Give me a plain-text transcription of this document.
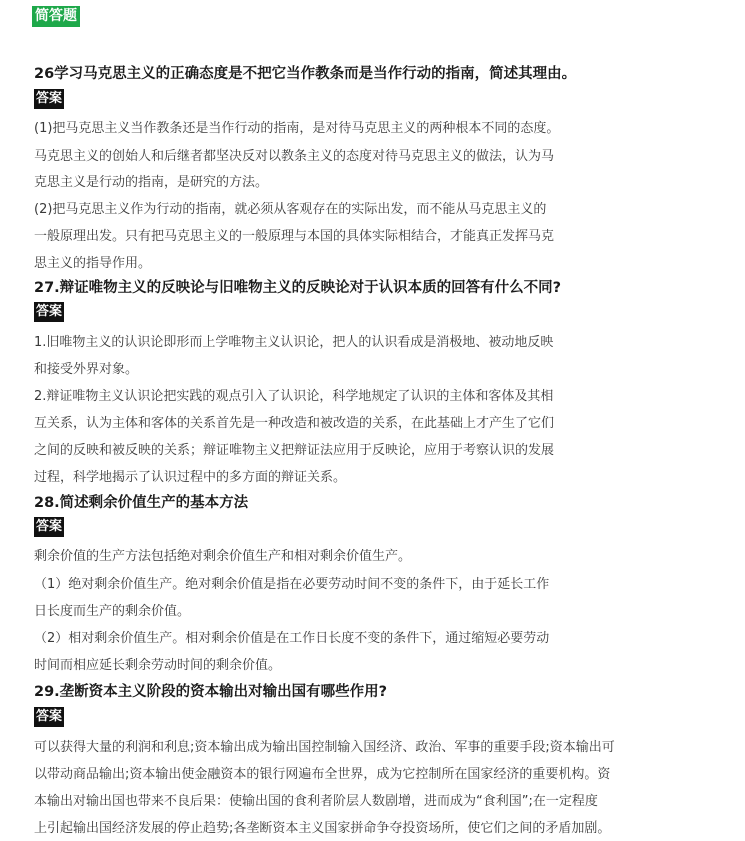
简答题
26学习马克思主义的正确态度是不把它当作教条而是当作行动的指南，简述其理由。
答案
(1)把马克思主义当作教条还是当作行动的指南，是对待马克思主义的两种根本不同的态度。
马克思主义的创始人和后继者都坚决反对以教条主义的态度对待马克思主义的做法，认为马
克思主义是行动的指南，是研究的方法。
(2)把马克思主义作为行动的指南，就必须从客观存在的实际出发，而不能从马克思主义的
一般原理出发。只有把马克思主义的一般原理与本国的具体实际相结合，才能真正发挥马克
思主义的指导作用。
27.辩证唯物主义的反映论与旧唯物主义的反映论对于认识本质的回答有什么不同?
答案
1.旧唯物主义的认识论即形而上学唯物主义认识论，把人的认识看成是消极地、被动地反映
和接受外界对象。
2.辩证唯物主义认识论把实践的观点引入了认识论，科学地规定了认识的主体和客体及其相
互关系，认为主体和客体的关系首先是一种改造和被改造的关系，在此基础上才产生了它们
之间的反映和被反映的关系；辩证唯物主义把辩证法应用于反映论，应用于考察认识的发展
过程，科学地揭示了认识过程中的多方面的辩证关系。
28.简述剩余价值生产的基本方法
答案
剩余价值的生产方法包括绝对剩余价值生产和相对剩余价值生产。
（1）绝对剩余价值生产。绝对剩余价值是指在必要劳动时间不变的条件下，由于延长工作
日长度而生产的剩余价值。
（2）相对剩余价值生产。相对剩余价值是在工作日长度不变的条件下，通过缩短必要劳动
时间而相应延长剩余劳动时间的剩余价值。
29.垄断资本主义阶段的资本输出对输出国有哪些作用?
答案
可以获得大量的利润和利息;资本输出成为输出国控制输入国经济、政治、军事的重要手段;资本输出可
以带动商品输出;资本输出使金融资本的银行网遍布全世界，成为它控制所在国家经济的重要机构。资
本输出对输出国也带来不良后果：使输出国的食利者阶层人数剧增，进而成为“食利国”;在一定程度
上引起输出国经济发展的停止趋势;各垄断资本主义国家拼命争夺投资场所，使它们之间的矛盾加剧。
